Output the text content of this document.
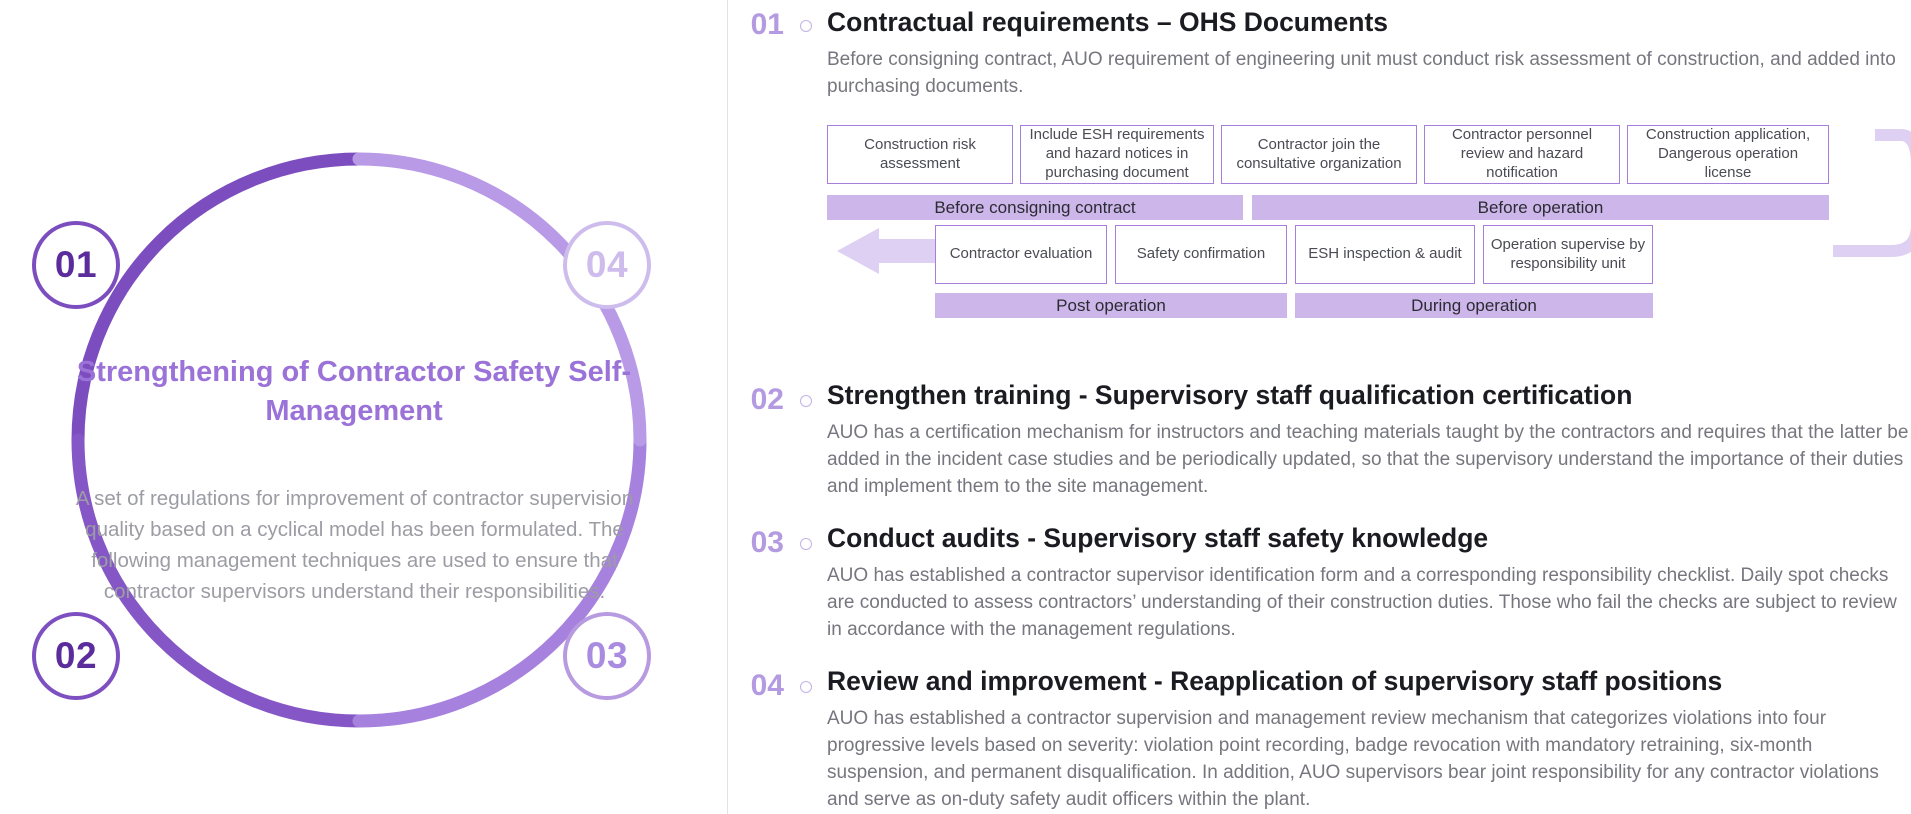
01
02	03
04
Strengthening of Contractor Safety Self-Management
A set of regulations for improvement of contractor supervision quality based on a cyclical model has been formulated. The following management techniques are used to ensure that contractor supervisors understand their responsibilities.
01 Contractual requirements – OHS Documents
Before consigning contract, AUO requirement of engineering unit must conduct risk assessment of construction, and added into purchasing documents.
Construction risk assessment
Include ESH requirements and hazard notices in purchasing document
Contractor join the consultative organization
Contractor personnel review and hazard notification
Construction application, Dangerous operation license
Before consigning contract	Before operation
Contractor evaluation	Safety confirmation	ESH inspection & audit
Operation supervise by responsibility unit
Post operation	During operation
02 Strengthen training - Supervisory staff qualification certification
AUO has a certification mechanism for instructors and teaching materials taught by the contractors and requires that the latter be added in the incident case studies and be periodically updated, so that the supervisory understand the importance of their duties and implement them to the site management.
03 Conduct audits - Supervisory staff safety knowledge
AUO has established a contractor supervisor identification form and a corresponding responsibility checklist. Daily spot checks are conducted to assess contractors’ understanding of their construction duties. Those who fail the checks are subject to review in accordance with the management regulations.
04 Review and improvement - Reapplication of supervisory staff positions
AUO has established a contractor supervision and management review mechanism that categorizes violations into four progressive levels based on severity: violation point recording, badge revocation with mandatory retraining, six-month suspension, and permanent disqualification. In addition, AUO supervisors bear joint responsibility for any contractor violations and serve as on-duty safety audit officers within the plant.
